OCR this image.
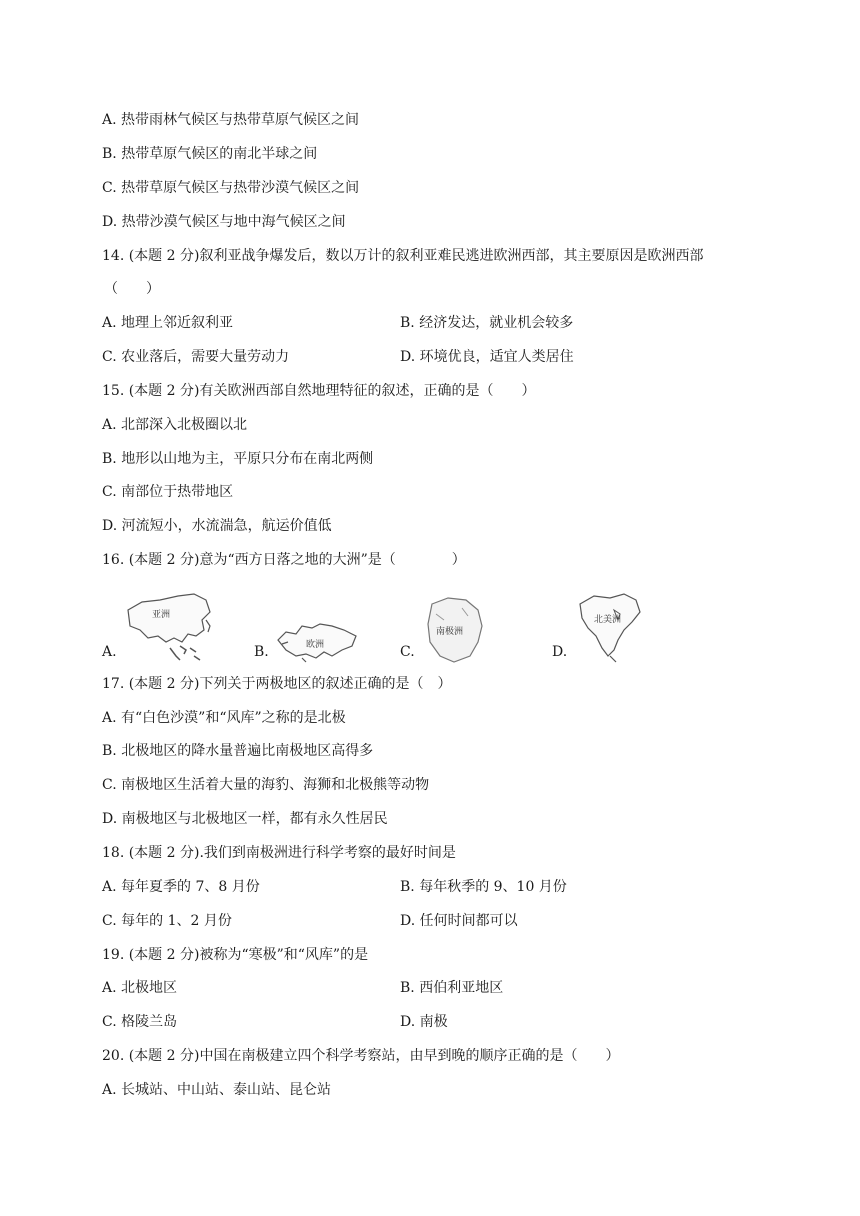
A. 热带雨林气候区与热带草原气候区之间
B. 热带草原气候区的南北半球之间
C. 热带草原气候区与热带沙漠气候区之间
D. 热带沙漠气候区与地中海气候区之间
14. (本题 2 分)叙利亚战争爆发后，数以万计的叙利亚难民逃进欧洲西部，其主要原因是欧洲西部
（　　）
A. 地理上邻近叙利亚	B. 经济发达，就业机会较多
C. 农业落后，需要大量劳动力	D. 环境优良，适宜人类居住
15. (本题 2 分)有关欧洲西部自然地理特征的叙述，正确的是（　　）
A. 北部深入北极圈以北
B. 地形以山地为主，平原只分布在南北两侧
C. 南部位于热带地区
D. 河流短小，水流湍急，航运价值低
16. (本题 2 分)意为“西方日落之地的大洲”是（　　　　）
A.
亚洲
B.	欧洲	C.
南极洲
D.
北美洲
17. (本题 2 分)下列关于两极地区的叙述正确的是（　）
A. 有“白色沙漠”和“风库”之称的是北极
B. 北极地区的降水量普遍比南极地区高得多
C. 南极地区生活着大量的海豹、海狮和北极熊等动物
D. 南极地区与北极地区一样，都有永久性居民
18. (本题 2 分).我们到南极洲进行科学考察的最好时间是
A. 每年夏季的 7、8 月份	B. 每年秋季的 9、10 月份
C. 每年的 1、2 月份	D. 任何时间都可以
19. (本题 2 分)被称为“寒极”和“风库”的是
A. 北极地区	B. 西伯利亚地区
C. 格陵兰岛	D. 南极
20. (本题 2 分)中国在南极建立四个科学考察站，由早到晚的顺序正确的是（　　）
A. 长城站、中山站、泰山站、昆仑站
